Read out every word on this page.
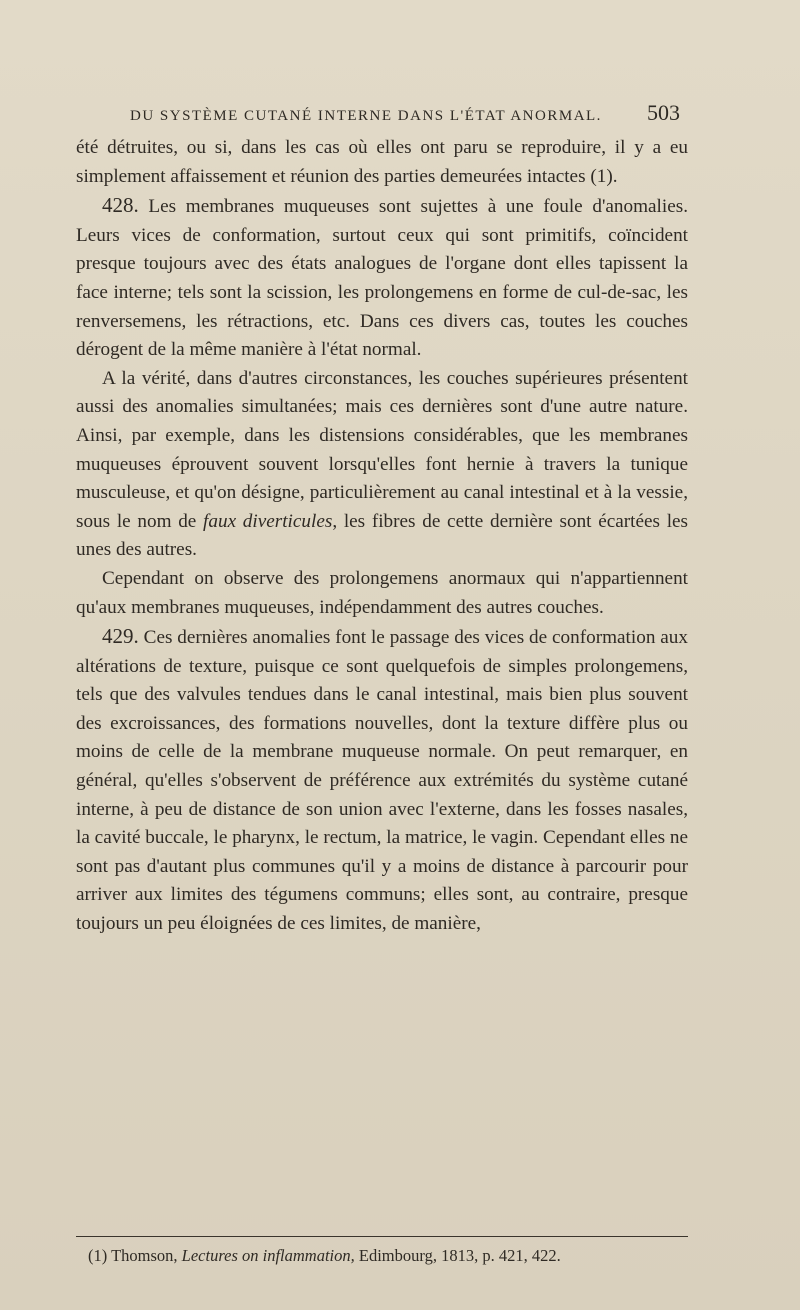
DU SYSTÈME CUTANÉ INTERNE DANS L'ÉTAT ANORMAL. 503

été détruites, ou si, dans les cas où elles ont paru se reproduire, il y a eu simplement affaissement et réunion des parties demeurées intactes (1).

428. Les membranes muqueuses sont sujettes à une foule d'anomalies. Leurs vices de conformation, surtout ceux qui sont primitifs, coïncident presque toujours avec des états analogues de l'organe dont elles tapissent la face interne; tels sont la scission, les prolongemens en forme de cul-de-sac, les renversemens, les rétractions, etc. Dans ces divers cas, toutes les couches dérogent de la même manière à l'état normal.

A la vérité, dans d'autres circonstances, les couches supérieures présentent aussi des anomalies simultanées; mais ces dernières sont d'une autre nature. Ainsi, par exemple, dans les distensions considérables, que les membranes muqueuses éprouvent souvent lorsqu'elles font hernie à travers la tunique musculeuse, et qu'on désigne, particulièrement au canal intestinal et à la vessie, sous le nom de faux diverticules, les fibres de cette dernière sont écartées les unes des autres.

Cependant on observe des prolongemens anormaux qui n'appartiennent qu'aux membranes muqueuses, indépendamment des autres couches.

429. Ces dernières anomalies font le passage des vices de conformation aux altérations de texture, puisque ce sont quelquefois de simples prolongemens, tels que des valvules tendues dans le canal intestinal, mais bien plus souvent des excroissances, des formations nouvelles, dont la texture diffère plus ou moins de celle de la membrane muqueuse normale. On peut remarquer, en général, qu'elles s'observent de préférence aux extrémités du système cutané interne, à peu de distance de son union avec l'externe, dans les fosses nasales, la cavité buccale, le pharynx, le rectum, la matrice, le vagin. Cependant elles ne sont pas d'autant plus communes qu'il y a moins de distance à parcourir pour arriver aux limites des tégumens communs; elles sont, au contraire, presque toujours un peu éloignées de ces limites, de manière,

(1) Thomson, Lectures on inflammation, Edimbourg, 1813, p. 421, 422.
